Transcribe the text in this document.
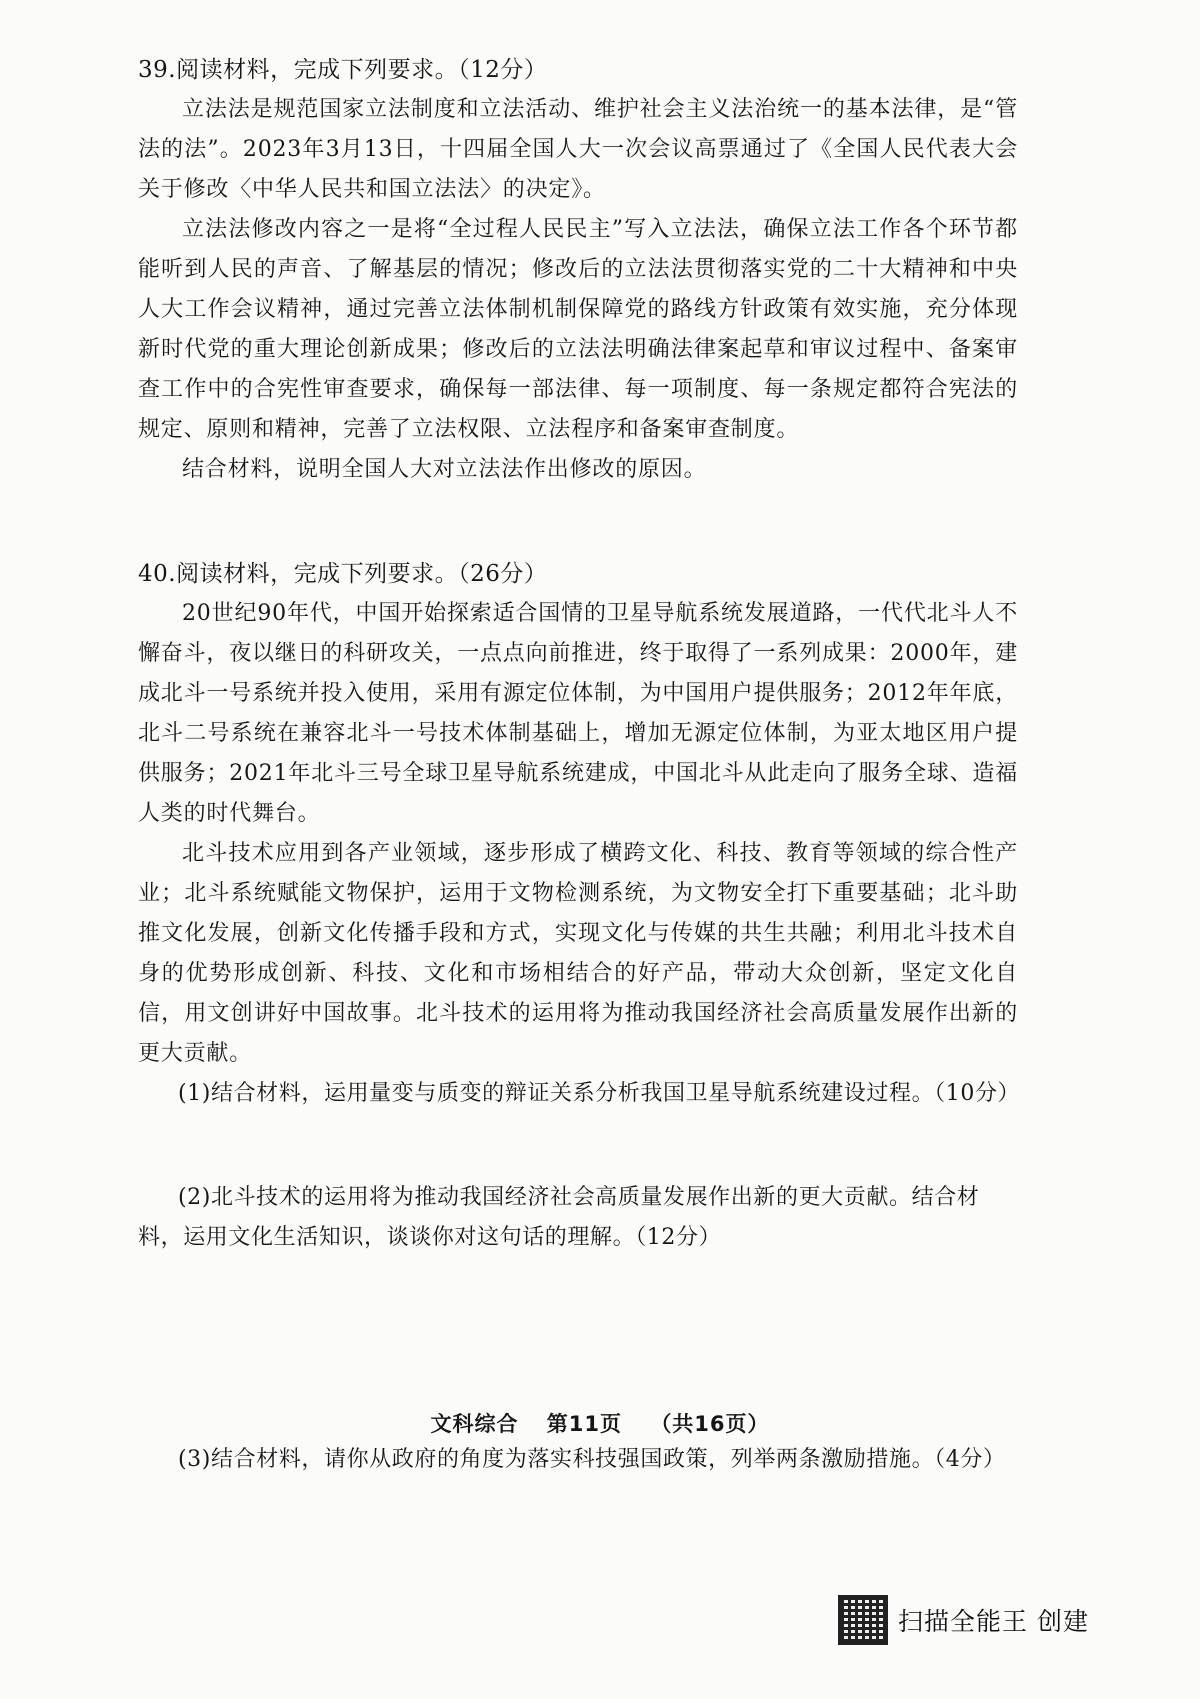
39.阅读材料，完成下列要求。（12分）

立法法是规范国家立法制度和立法活动、维护社会主义法治统一的基本法律，是“管法的法”。2023年3月13日，十四届全国人大一次会议高票通过了《全国人民代表大会关于修改〈中华人民共和国立法法〉的决定》。

立法法修改内容之一是将“全过程人民民主”写入立法法，确保立法工作各个环节都能听到人民的声音、了解基层的情况；修改后的立法法贯彻落实党的二十大精神和中央人大工作会议精神，通过完善立法体制机制保障党的路线方针政策有效实施，充分体现新时代党的重大理论创新成果；修改后的立法法明确法律案起草和审议过程中、备案审查工作中的合宪性审查要求，确保每一部法律、每一项制度、每一条规定都符合宪法的规定、原则和精神，完善了立法权限、立法程序和备案审查制度。

结合材料，说明全国人大对立法法作出修改的原因。

40.阅读材料，完成下列要求。（26分）

20世纪90年代，中国开始探索适合国情的卫星导航系统发展道路，一代代北斗人不懈奋斗，夜以继日的科研攻关，一点点向前推进，终于取得了一系列成果：2000年，建成北斗一号系统并投入使用，采用有源定位体制，为中国用户提供服务；2012年年底，北斗二号系统在兼容北斗一号技术体制基础上，增加无源定位体制，为亚太地区用户提供服务；2021年北斗三号全球卫星导航系统建成，中国北斗从此走向了服务全球、造福人类的时代舞台。

北斗技术应用到各产业领域，逐步形成了横跨文化、科技、教育等领域的综合性产业；北斗系统赋能文物保护，运用于文物检测系统，为文物安全打下重要基础；北斗助推文化发展，创新文化传播手段和方式，实现文化与传媒的共生共融；利用北斗技术自身的优势形成创新、科技、文化和市场相结合的好产品，带动大众创新，坚定文化自信，用文创讲好中国故事。北斗技术的运用将为推动我国经济社会高质量发展作出新的更大贡献。

(1)结合材料，运用量变与质变的辩证关系分析我国卫星导航系统建设过程。（10分）

(2)北斗技术的运用将为推动我国经济社会高质量发展作出新的更大贡献。结合材料，运用文化生活知识，谈谈你对这句话的理解。（12分）

(3)结合材料，请你从政府的角度为落实科技强国政策，列举两条激励措施。（4分）

文科综合 第11页 （共16页）
扫描全能王 创建
